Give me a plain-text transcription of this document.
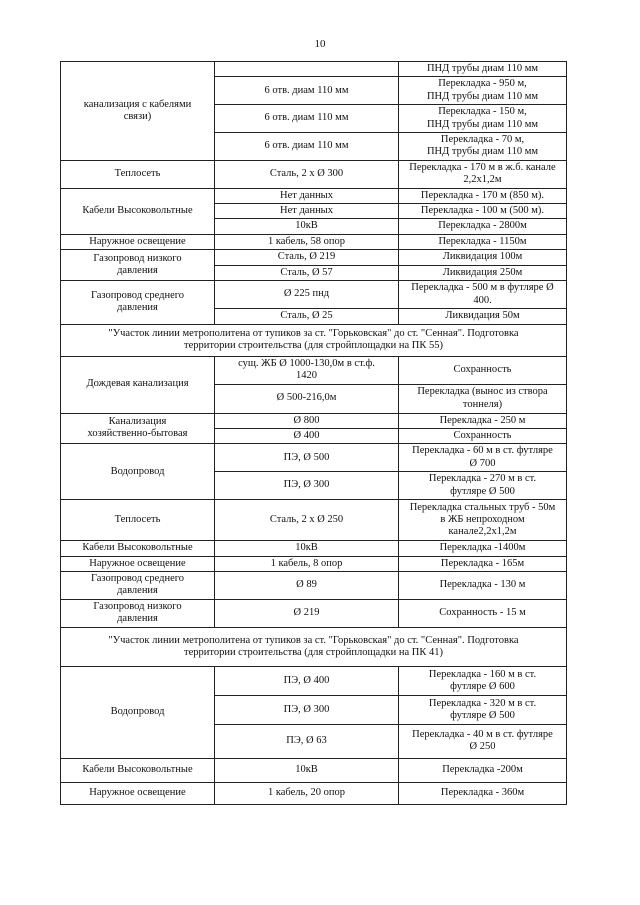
10
канализация с кабелями
связи)		ПНД трубы диам 110 мм

	6 отв. диам 110 мм	Перекладка - 950 м,
ПНД трубы диам 110 мм

	6 отв. диам 110 мм	Перекладка - 150 м,
ПНД трубы диам 110 мм

	6 отв. диам 110 мм	Перекладка - 70 м,
ПНД трубы диам 110 мм

Теплосеть	Сталь, 2 х Ø 300	Перекладка - 170 м в ж.б. канале
2,2х1,2м

Кабели Высоковольтные	Нет данных	Перекладка - 170 м (850 м).

	Нет данных	Перекладка - 100 м (500 м).

	10кВ	Перекладка - 2800м

Наружное освещение	1 кабель, 58 опор	Перекладка - 1150м

Газопровод низкого
давления	Сталь, Ø 219	Ликвидация 100м

	Сталь, Ø 57	Ликвидация 250м

Газопровод среднего
давления	Ø 225 пнд	Перекладка - 500 м в футляре Ø
400.

	Сталь, Ø 25	Ликвидация 50м

"Участок линии метрополитена от тупиков за ст. "Горьковская" до ст. "Сенная". Подготовка
территории строительства (для стройплощадки на ПК 55)		

Дождевая канализация	сущ. ЖБ Ø 1000-130,0м в ст.ф.
1420	Сохранность

	Ø 500-216,0м	Перекладка (вынос из створа
тоннеля)

Канализация
хозяйственно-бытовая	Ø 800	Перекладка - 250 м

	Ø 400	Сохранность

Водопровод	ПЭ, Ø 500	Перекладка - 60 м в ст. футляре
Ø 700

	ПЭ, Ø 300	Перекладка - 270 м в ст.
футляре Ø 500

Теплосеть	Сталь, 2 х Ø 250	Перекладка стальных труб - 50м
в ЖБ непроходном
канале2,2х1,2м

Кабели Высоковольтные	10кВ	Перекладка -1400м

Наружное освещение	1 кабель, 8 опор	Перекладка - 165м

Газопровод среднего
давления	Ø 89	Перекладка - 130 м

Газопровод низкого
давления	Ø 219	Сохранность - 15 м

"Участок линии метрополитена от тупиков за ст. "Горьковская" до ст. "Сенная". Подготовка
территории строительства (для стройплощадки на ПК 41)		

Водопровод	ПЭ, Ø 400	Перекладка - 160 м в ст.
футляре Ø 600

	ПЭ, Ø 300	Перекладка - 320 м в ст.
футляре Ø 500

	ПЭ, Ø 63	Перекладка - 40 м в ст. футляре
Ø 250

Кабели Высоковольтные	10кВ	Перекладка -200м

Наружное освещение	1 кабель, 20 опор	Перекладка - 360м
